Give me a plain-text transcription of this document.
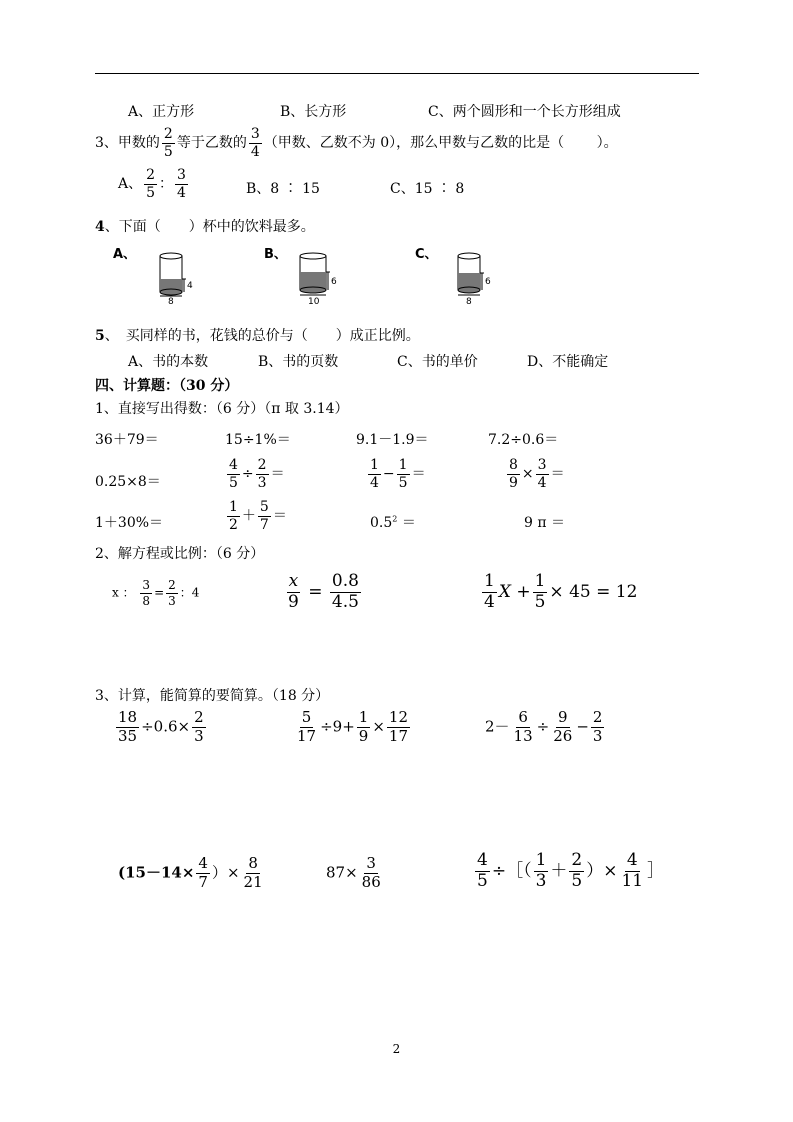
A、正方形	B、长方形	C、两个圆形和一个长方形组成
3、甲数的 $\frac{2}{5}$ 等于乙数的 $\frac{3}{4}$ （甲数、乙数不为 0），那么甲数与乙数的比是（　　 ）。
A、 $\frac{2}{5}$ ： $\frac{3}{4}$	B、8 ∶ 15	C、15 ∶ 8
4、下面（　　）杯中的饮料最多。
A、
4
8
B、
6
10
C、
6
8
5、　买同样的书，花钱的总价与（　　）成正比例。
A、书的本数	B、书的页数	C、书的单价	D、不能确定
四、计算题：（30 分）
1、直接写出得数：（6 分）（π 取 3.14）
36＋79＝	15÷1%＝	9.1－1.9＝	7.2÷0.6＝
0.25×8＝	$\frac{4}{5} \div \frac{2}{3}$ ＝	$\frac{1}{4} - \frac{1}{5}$ ＝	$\frac{8}{9} \times \frac{3}{4}$ ＝
1＋30%＝	$\frac{1}{2} + \frac{5}{7}$ ＝	$0.5^2$ ＝	9 π ＝
2、解方程或比例：（6 分）
x ： $\frac{3}{8} = \frac{2}{3}$ ：4	$\frac{x}{9} = \frac{0.8}{4.5}$	$\frac{1}{4}$ $X + \frac{1}{5} \times 45 = 12$
3、计算，能简算的要简算。（18 分）
$\frac{18}{35} \div 0.6\times \frac{2}{3}$	$\frac{5}{17} \div 9+ \frac{1}{9} \times \frac{12}{17}$	$2- \frac{6}{13} \div \frac{9}{26} - \frac{2}{3}$
($15-14\times \frac{4}{7}$ ）× $\frac{8}{21}$	$87\times \frac{3}{86}$	$\frac{4}{5}$ ÷［（ $\frac{1}{3} + \frac{2}{5}$ ）× $\frac{4}{11}$ ］
2
